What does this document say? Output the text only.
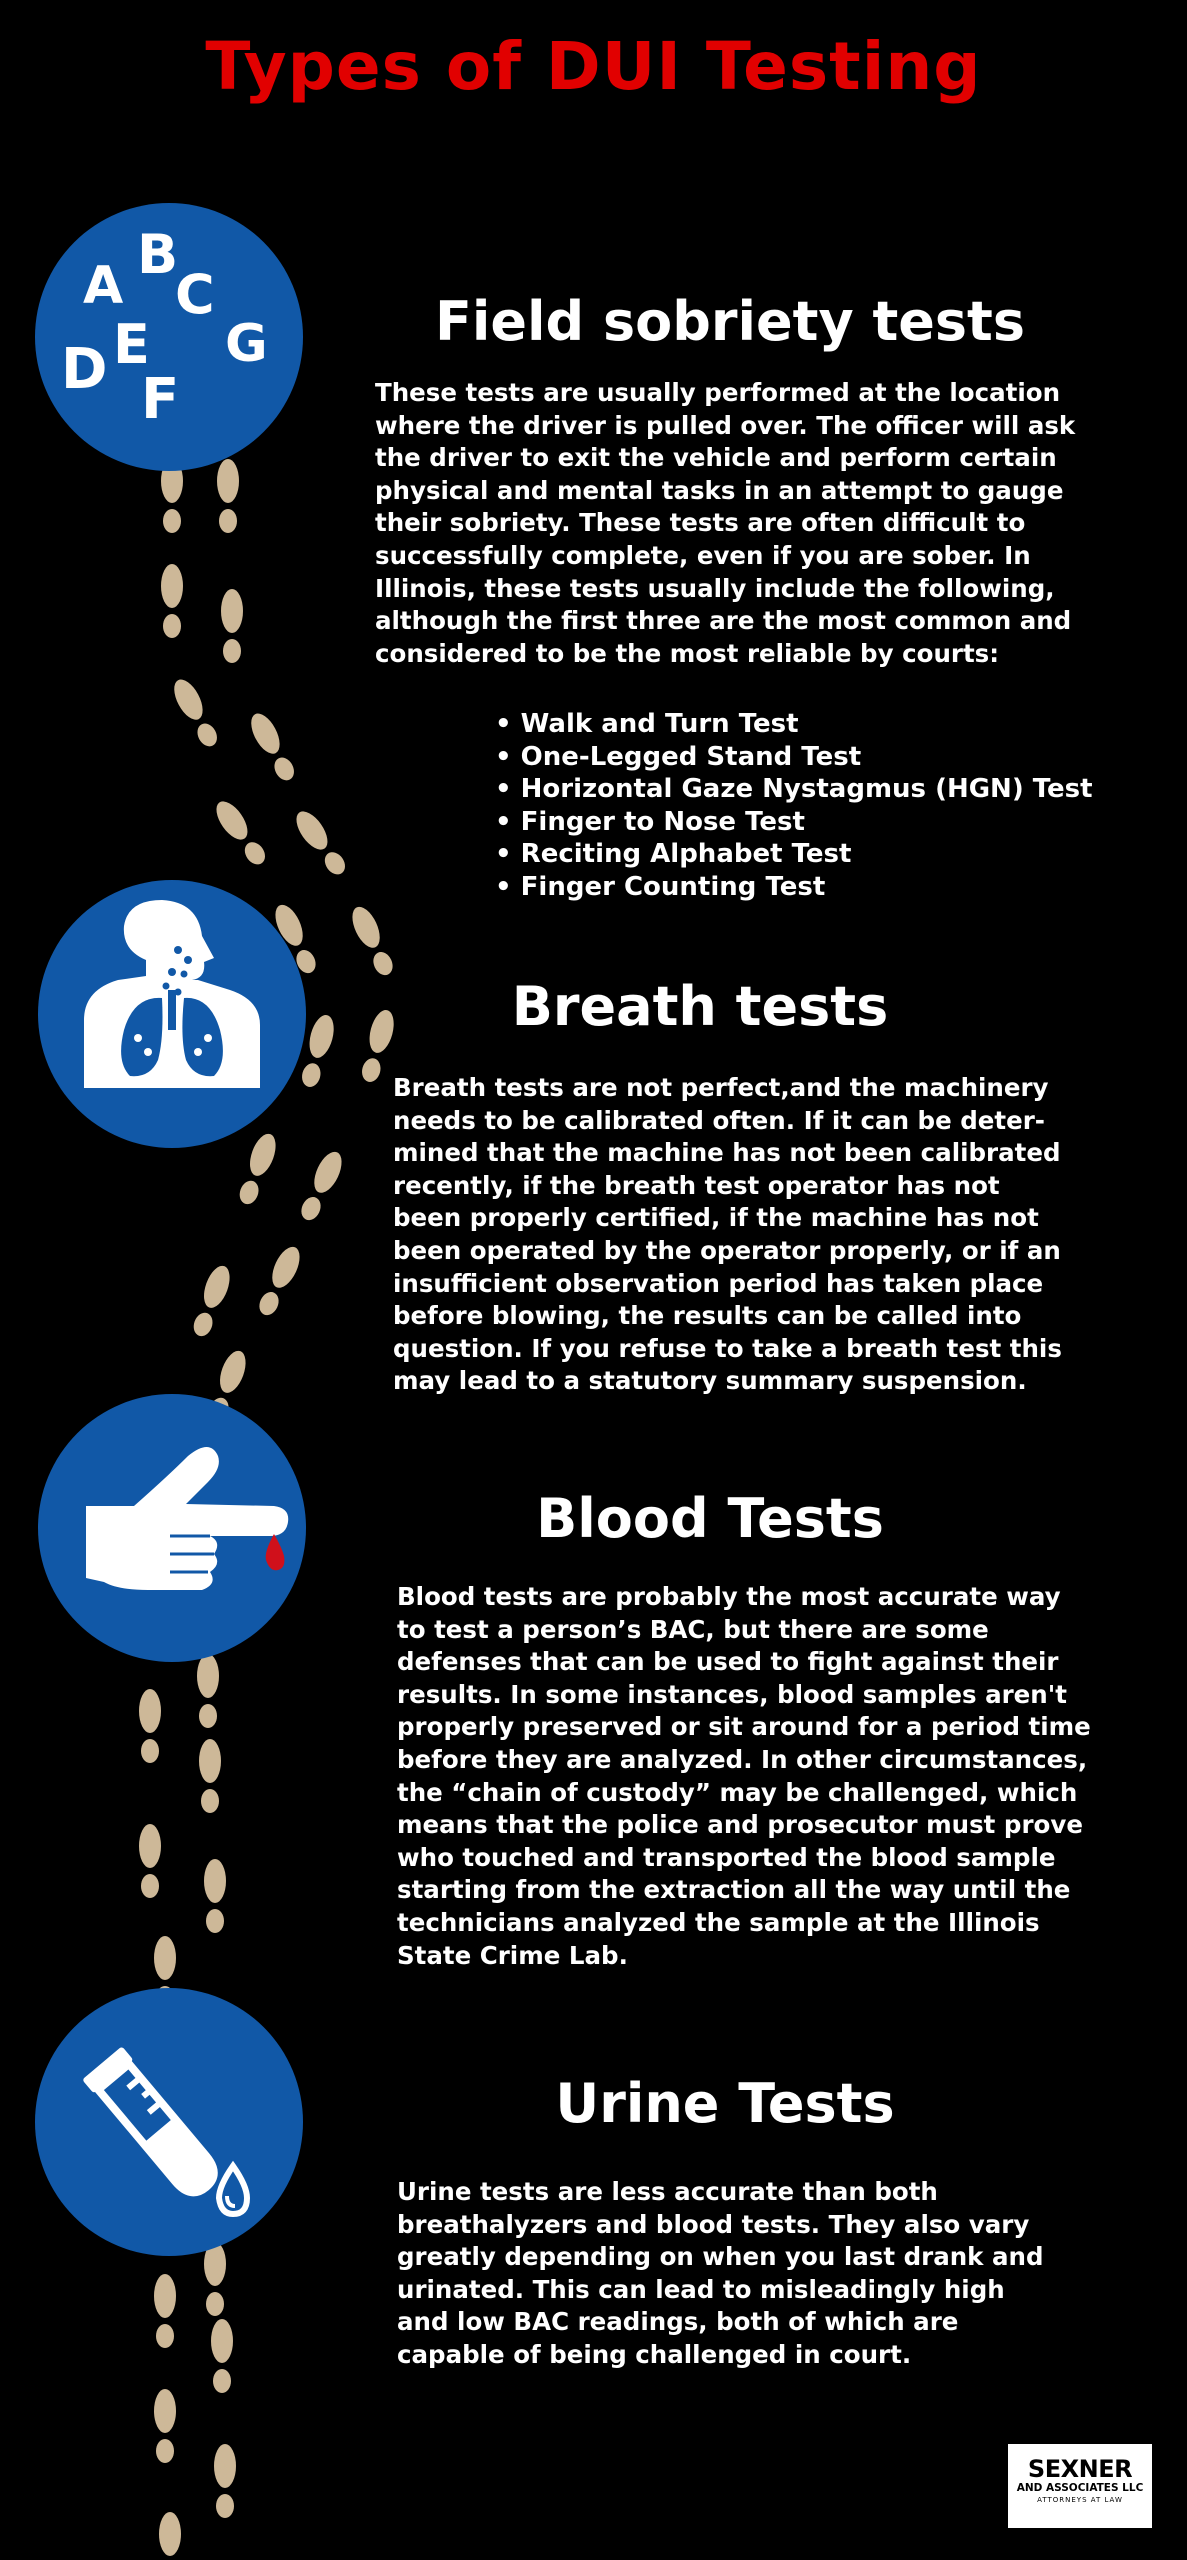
Types of DUI Testing
A B
C
D E
F
G	Field sobriety tests
These tests are usually performed at the location
where the driver is pulled over. The officer will ask
the driver to exit the vehicle and perform certain
physical and mental tasks in an attempt to gauge
their sobriety. These tests are often difficult to
successfully complete, even if you are sober. In
Illinois, these tests usually include the following,
although the first three are the most common and
considered to be the most reliable by courts:
• Walk and Turn Test
• One-Legged Stand Test
• Horizontal Gaze Nystagmus (HGN) Test
• Finger to Nose Test
• Reciting Alphabet Test
• Finger Counting Test
Breath tests
Breath tests are not perfect,and the machinery
needs to be calibrated often. If it can be deter-
mined that the machine has not been calibrated
recently, if the breath test operator has not
been properly certified, if the machine has not
been operated by the operator properly, or if an
insufficient observation period has taken place
before blowing, the results can be called into
question. If you refuse to take a breath test this
may lead to a statutory summary suspension.
Blood Tests
Blood tests are probably the most accurate way
to test a person’s BAC, but there are some
defenses that can be used to fight against their
results. In some instances, blood samples aren't
properly preserved or sit around for a period time
before they are analyzed. In other circumstances,
the “chain of custody” may be challenged, which
means that the police and prosecutor must prove
who touched and transported the blood sample
starting from the extraction all the way until the
technicians analyzed the sample at the Illinois
State Crime Lab.
Urine Tests
Urine tests are less accurate than both
breathalyzers and blood tests. They also vary
greatly depending on when you last drank and
urinated. This can lead to misleadingly high
and low BAC readings, both of which are
capable of being challenged in court.
SEXNER
AND ASSOCIATES LLC
ATTORNEYS AT LAW
